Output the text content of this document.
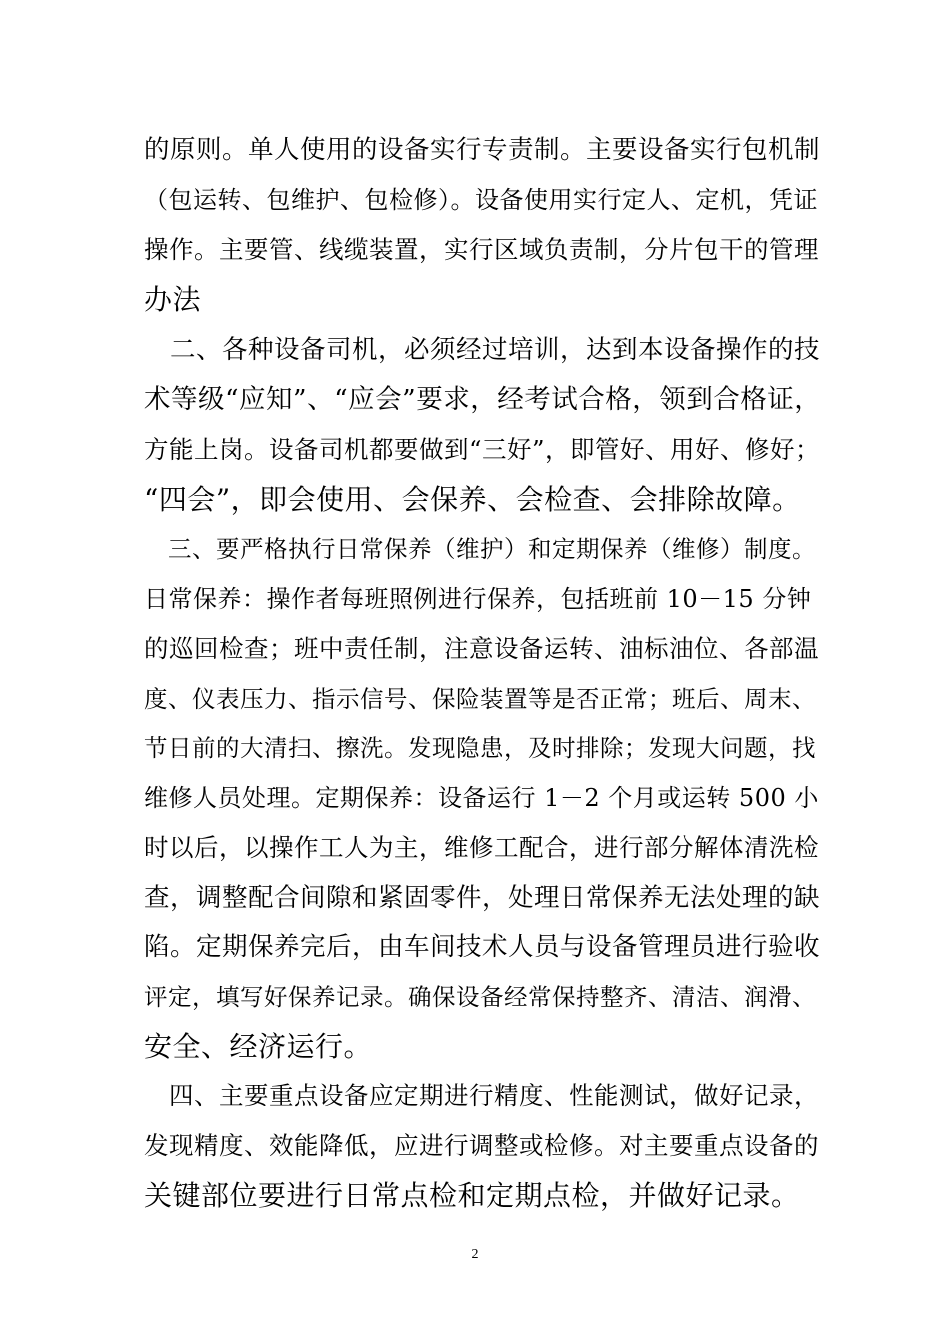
的原则。单人使用的设备实行专责制。主要设备实行包机制
（包运转、包维护、包检修）。设备使用实行定人、定机，凭证
操作。主要管、线缆装置，实行区域负责制，分片包干的管理
办法
　二、各种设备司机，必须经过培训，达到本设备操作的技
术等级“应知”、“应会”要求，经考试合格，领到合格证，
方能上岗。设备司机都要做到“三好”，即管好、用好、修好；
“四会”，即会使用、会保养、会检查、会排除故障。
　三、要严格执行日常保养（维护）和定期保养（维修）制度。
日常保养：操作者每班照例进行保养，包括班前 10－15 分钟
的巡回检查；班中责任制，注意设备运转、油标油位、各部温
度、仪表压力、指示信号、保险装置等是否正常；班后、周末、
节日前的大清扫、擦洗。发现隐患，及时排除；发现大问题，找
维修人员处理。定期保养：设备运行 1－2 个月或运转 500 小
时以后，以操作工人为主，维修工配合，进行部分解体清洗检
查，调整配合间隙和紧固零件，处理日常保养无法处理的缺
陷。定期保养完后，由车间技术人员与设备管理员进行验收
评定，填写好保养记录。确保设备经常保持整齐、清洁、润滑、
安全、经济运行。
　四、主要重点设备应定期进行精度、性能测试，做好记录，
发现精度、效能降低，应进行调整或检修。对主要重点设备的
关键部位要进行日常点检和定期点检，并做好记录。
2
